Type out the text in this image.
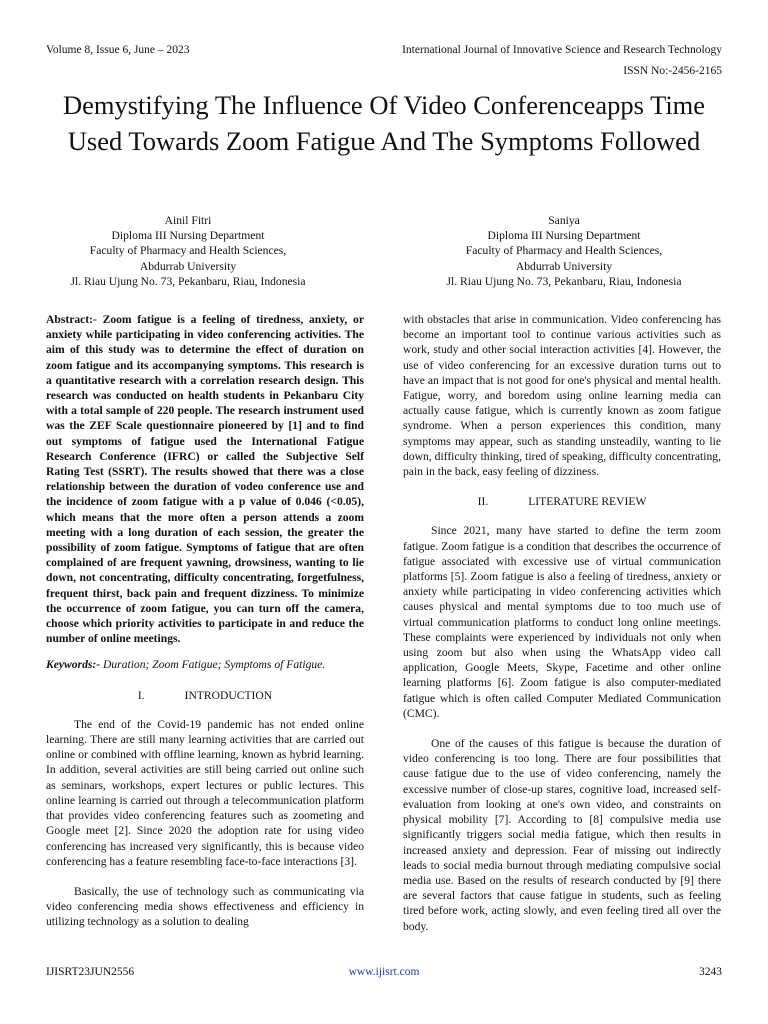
Volume 8, Issue 6, June – 2023	International Journal of Innovative Science and Research Technology
ISSN No:-2456-2165
Demystifying The Influence Of Video Conferenceapps Time Used Towards Zoom Fatigue And The Symptoms Followed
Ainil Fitri
Diploma III Nursing Department
Faculty of Pharmacy and Health Sciences,
Abdurrab University
Jl. Riau Ujung No. 73, Pekanbaru, Riau, Indonesia
Saniya
Diploma III Nursing Department
Faculty of Pharmacy and Health Sciences,
Abdurrab University
Jl. Riau Ujung No. 73, Pekanbaru, Riau, Indonesia

Abstract:- Zoom fatigue is a feeling of tiredness, anxiety, or anxiety while participating in video conferencing activities. The aim of this study was to determine the effect of duration on zoom fatigue and its accompanying symptoms. This research is a quantitative research with a correlation research design. This research was conducted on health students in Pekanbaru City with a total sample of 220 people. The research instrument used was the ZEF Scale questionnaire pioneered by [1] and to find out symptoms of fatigue used the International Fatigue Research Conference (IFRC) or called the Subjective Self Rating Test (SSRT). The results showed that there was a close relationship between the duration of vodeo conference use and the incidence of zoom fatigue with a p value of 0.046 (<0.05), which means that the more often a person attends a zoom meeting with a long duration of each session, the greater the possibility of zoom fatigue. Symptoms of fatigue that are often complained of are frequent yawning, drowsiness, wanting to lie down, not concentrating, difficulty concentrating, forgetfulness, frequent thirst, back pain and frequent dizziness. To minimize the occurrence of zoom fatigue, you can turn off the camera, choose which priority activities to participate in and reduce the number of online meetings.

Keywords:- Duration; Zoom Fatigue; Symptoms of Fatigue.

I.	INTRODUCTION

The end of the Covid-19 pandemic has not ended online learning. There are still many learning activities that are carried out online or combined with offline learning, known as hybrid learning. In addition, several activities are still being carried out online such as seminars, workshops, expert lectures or public lectures. This online learning is carried out through a telecommunication platform that provides video conferencing features such as zoometing and Google meet [2]. Since 2020 the adoption rate for using video conferencing has increased very significantly, this is because video conferencing has a feature resembling face-to-face interactions [3].

Basically, the use of technology such as communicating via video conferencing media shows effectiveness and efficiency in utilizing technology as a solution to dealing

with obstacles that arise in communication. Video conferencing has become an important tool to continue various activities such as work, study and other social interaction activities [4]. However, the use of video conferencing for an excessive duration turns out to have an impact that is not good for one's physical and mental health. Fatigue, worry, and boredom using online learning media can actually cause fatigue, which is currently known as zoom fatigue syndrome. When a person experiences this condition, many symptoms may appear, such as standing unsteadily, wanting to lie down, difficulty thinking, tired of speaking, difficulty concentrating, pain in the back, easy feeling of dizziness.

II.	LITERATURE REVIEW

Since 2021, many have started to define the term zoom fatigue. Zoom fatigue is a condition that describes the occurrence of fatigue associated with excessive use of virtual communication platforms [5]. Zoom fatigue is also a feeling of tiredness, anxiety or anxiety while participating in video conferencing activities which causes physical and mental symptoms due to too much use of virtual communication platforms to conduct long online meetings. These complaints were experienced by individuals not only when using zoom but also when using the WhatsApp video call application, Google Meets, Skype, Facetime and other online learning platforms [6]. Zoom fatigue is also computer-mediated fatigue which is often called Computer Mediated Communication (CMC).

One of the causes of this fatigue is because the duration of video conferencing is too long. There are four possibilities that cause fatigue due to the use of video conferencing, namely the excessive number of close-up stares, cognitive load, increased self-evaluation from looking at one's own video, and constraints on physical mobility [7]. According to [8] compulsive media use significantly triggers social media fatigue, which then results in increased anxiety and depression. Fear of missing out indirectly leads to social media burnout through mediating compulsive social media use. Based on the results of research conducted by [9] there are several factors that cause fatigue in students, such as feeling tired before work, acting slowly, and even feeling tired all over the body.

IJISRT23JUN2556	www.ijisrt.com	3243
